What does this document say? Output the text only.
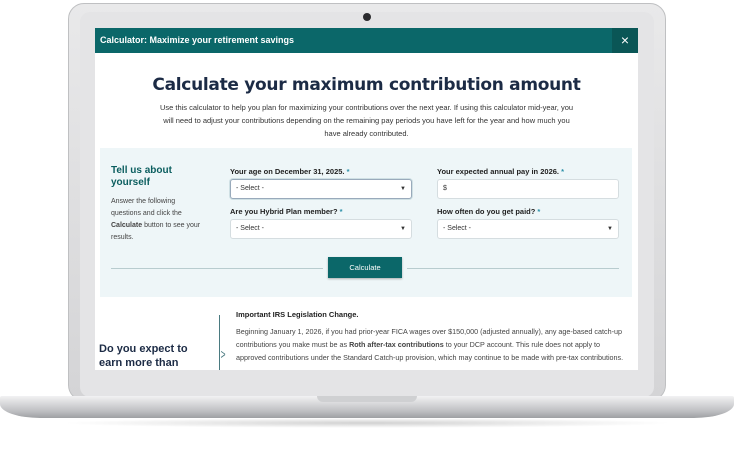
Calculator: Maximize your retirement savings	×
Calculate your maximum contribution amount

Use this calculator to help you plan for maximizing your contributions over the next year. If using this calculator mid-year, you will need to adjust your contributions depending on the remaining pay periods you have left for the year and how much you have already contributed.

Tell us about yourself
Answer the following questions and click the Calculate button to see your results.
Your age on December 31, 2025. *
- Select -	▼
Your expected annual pay in 2026. *
$
Are you Hybrid Plan member? *
- Select -	▼
How often do you get paid? *
- Select -	▼
Calculate
Do you expect to earn more than
>
Important IRS Legislation Change.

Beginning January 1, 2026, if you had prior-year FICA wages over $150,000 (adjusted annually), any age-based catch-up contributions you make must be as Roth after-tax contributions to your DCP account. This rule does not apply to approved contributions under the Standard Catch-up provision, which may continue to be made with pre-tax contributions.
